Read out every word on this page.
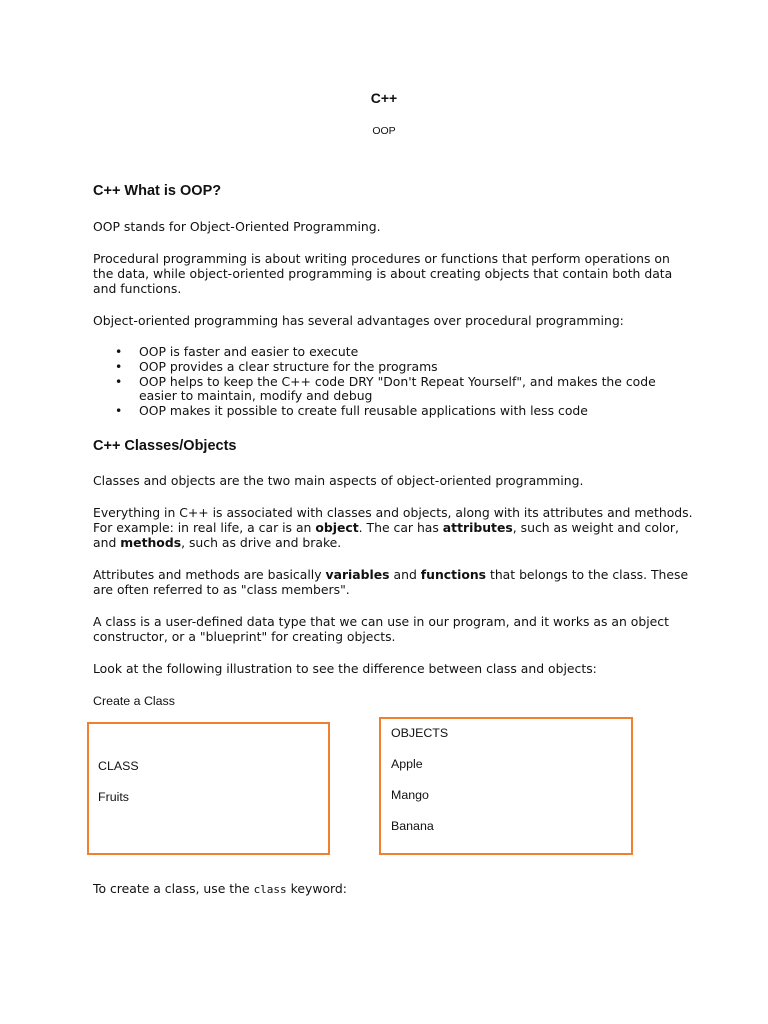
C++
OOP
C++ What is OOP?

OOP stands for Object-Oriented Programming.

Procedural programming is about writing procedures or functions that perform operations on the data, while object-oriented programming is about creating objects that contain both data and functions.

Object-oriented programming has several advantages over procedural programming:

• OOP is faster and easier to execute
• OOP provides a clear structure for the programs
• OOP helps to keep the C++ code DRY "Don't Repeat Yourself", and makes the code easier to maintain, modify and debug
• OOP makes it possible to create full reusable applications with less code
C++ Classes/Objects

Classes and objects are the two main aspects of object-oriented programming.

Everything in C++ is associated with classes and objects, along with its attributes and methods. For example: in real life, a car is an object. The car has attributes, such as weight and color, and methods, such as drive and brake.

Attributes and methods are basically variables and functions that belongs to the class. These are often referred to as "class members".

A class is a user-defined data type that we can use in our program, and it works as an object constructor, or a "blueprint" for creating objects.

Look at the following illustration to see the difference between class and objects:

Create a Class

CLASS

Fruits

OBJECTS

Apple

Mango

Banana

To create a class, use the class keyword:
